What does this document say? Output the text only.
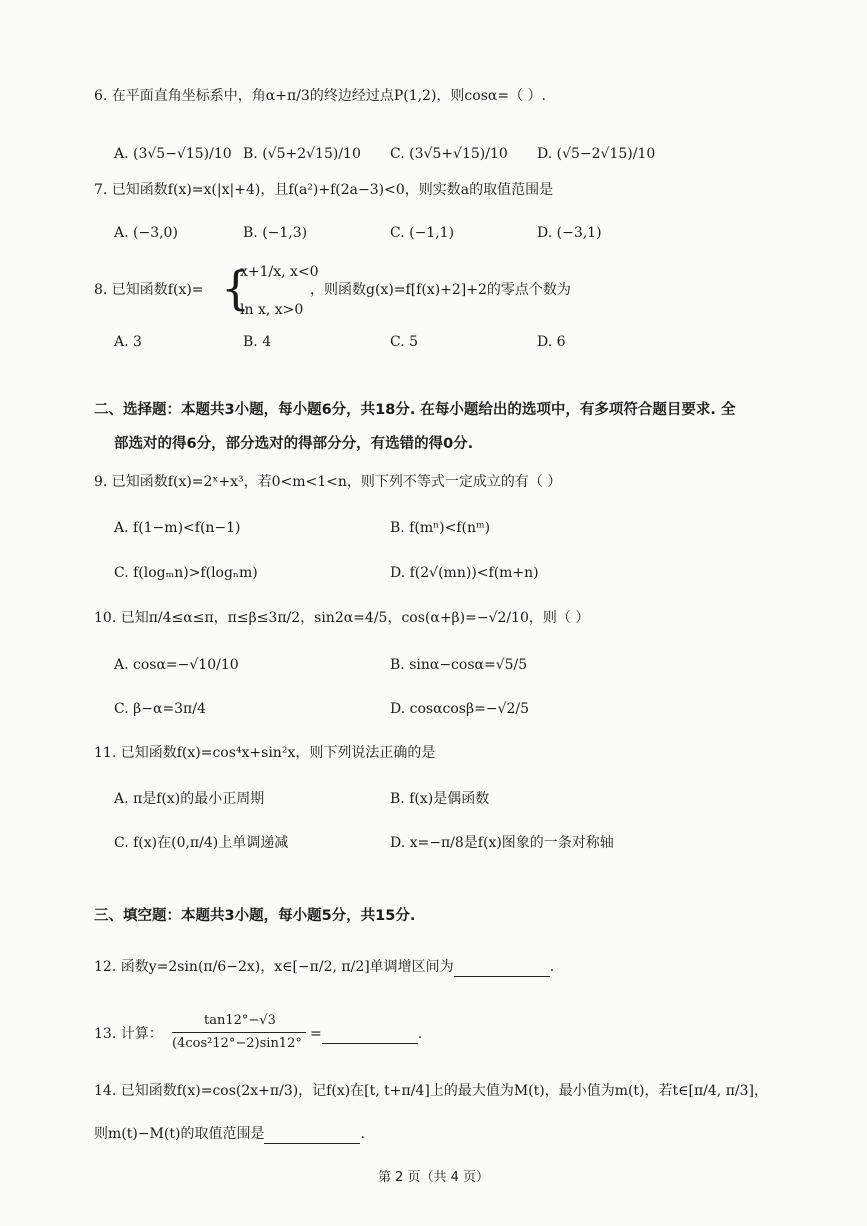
6. 在平面直角坐标系中，角α+π/3的终边经过点P(1,2)，则cosα=（ ）.
A. (3√5−√15)/10 B. (√5+2√15)/10 C. (3√5+√15)/10 D. (√5−2√15)/10
7. 已知函数f(x)=x(|x|+4)，且f(a²)+f(2a−3)<0，则实数a的取值范围是
A. (−3,0)	B. (−1,3)	C. (−1,1)	D. (−3,1)
8. 已知函数f(x)= {
x+1/x, x<0
ln x, x>0
，则函数g(x)=f[f(x)+2]+2的零点个数为
A. 3	B. 4	C. 5	D. 6
二、选择题：本题共3小题，每小题6分，共18分. 在每小题给出的选项中，有多项符合题目要求. 全
部选对的得6分，部分选对的得部分分，有选错的得0分.
9. 已知函数f(x)=2ˣ+x³，若0<m<1<n，则下列不等式一定成立的有（ ）
A. f(1−m)<f(n−1)	B. f(mⁿ)<f(nᵐ)
C. f(logₘn)>f(logₙm)	D. f(2√(mn))<f(m+n)
10. 已知π/4≤α≤π，π≤β≤3π/2，sin2α=4/5，cos(α+β)=−√2/10，则（ ）
A. cosα=−√10/10	B. sinα−cosα=√5/5
C. β−α=3π/4	D. cosαcosβ=−√2/5
11. 已知函数f(x)=cos⁴x+sin²x，则下列说法正确的是
A. π是f(x)的最小正周期	B. f(x)是偶函数
C. f(x)在(0,π/4)上单调递减	D. x=−π/8是f(x)图象的一条对称轴
三、填空题：本题共3小题，每小题5分，共15分.
12. 函数y=2sin(π/6−2x)，x∈[−π/2, π/2]单调增区间为	.
13. 计算：
tan12°−√3
(4cos²12°−2)sin12°
=	.
14. 已知函数f(x)=cos(2x+π/3)，记f(x)在[t, t+π/4]上的最大值为M(t)，最小值为m(t)，若t∈[π/4, π/3]，
则m(t)−M(t)的取值范围是	.
第 2 页（共 4 页）
